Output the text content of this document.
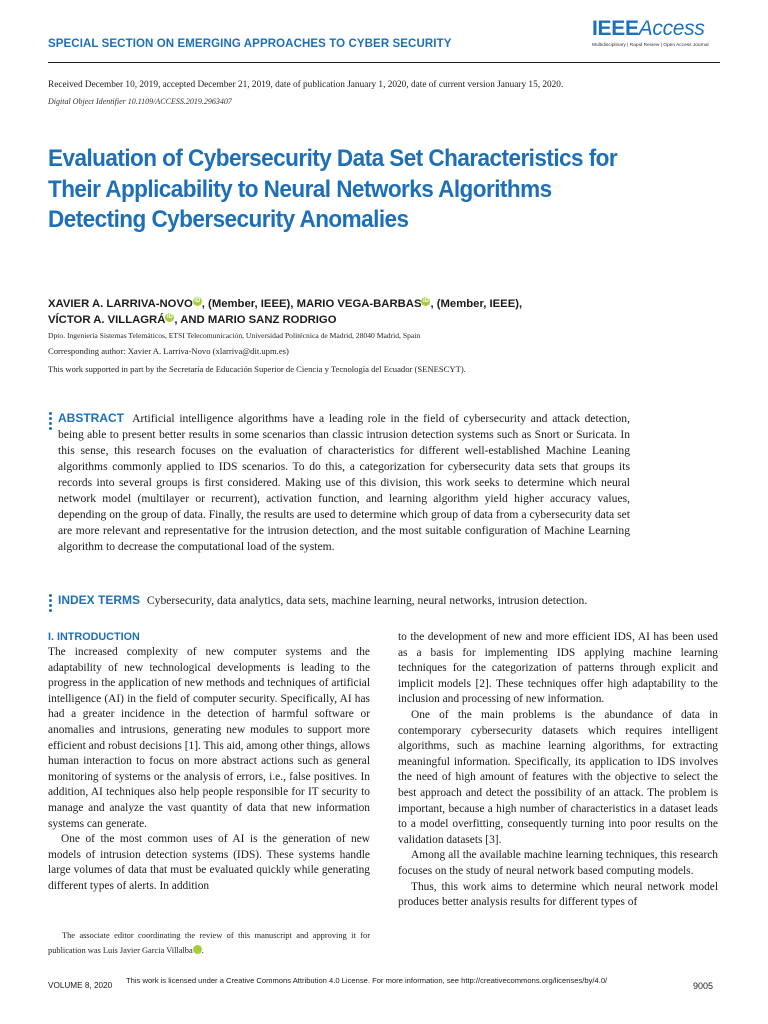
SPECIAL SECTION ON EMERGING APPROACHES TO CYBER SECURITY
IEEEAccess
Multidisciplinary | Rapid Review | Open Access Journal
Received December 10, 2019, accepted December 21, 2019, date of publication January 1, 2020, date of current version January 15, 2020.
Digital Object Identifier 10.1109/ACCESS.2019.2963407
Evaluation of Cybersecurity Data Set Characteristics for Their Applicability to Neural Networks Algorithms Detecting Cybersecurity Anomalies
XAVIER A. LARRIVA-NOVO iD , (Member, IEEE), MARIO VEGA-BARBAS iD , (Member, IEEE),
VÍCTOR A. VILLAGRÁ iD , AND MARIO SANZ RODRIGO
Dpto. Ingeniería Sistemas Telemáticos, ETSI Telecomunicación, Universidad Politécnica de Madrid, 28040 Madrid, Spain
Corresponding author: Xavier A. Larriva-Novo (xlarriva@dit.upm.es)
This work supported in part by the Secretaría de Educación Superior de Ciencia y Tecnología del Ecuador (SENESCYT).
ABSTRACT Artificial intelligence algorithms have a leading role in the field of cybersecurity and attack detection, being able to present better results in some scenarios than classic intrusion detection systems such as Snort or Suricata. In this sense, this research focuses on the evaluation of characteristics for different well-established Machine Leaning algorithms commonly applied to IDS scenarios. To do this, a categorization for cybersecurity data sets that groups its records into several groups is first considered. Making use of this division, this work seeks to determine which neural network model (multilayer or recurrent), activation function, and learning algorithm yield higher accuracy values, depending on the group of data. Finally, the results are used to determine which group of data from a cybersecurity data set are more relevant and representative for the intrusion detection, and the most suitable configuration of Machine Learning algorithm to decrease the computational load of the system.
INDEX TERMS Cybersecurity, data analytics, data sets, machine learning, neural networks, intrusion detection.
I. INTRODUCTION

The increased complexity of new computer systems and the adaptability of new technological developments is leading to the progress in the application of new methods and techniques of artificial intelligence (AI) in the field of computer security. Specifically, AI has had a greater incidence in the detection of harmful software or anomalies and intrusions, generating new modules to support more efficient and robust decisions [1]. This aid, among other things, allows human interaction to focus on more abstract actions such as general monitoring of systems or the analysis of errors, i.e., false positives. In addition, AI techniques also help people responsible for IT security to manage and analyze the vast quantity of data that new information systems can generate.

One of the most common uses of AI is the generation of new models of intrusion detection systems (IDS). These systems handle large volumes of data that must be evaluated quickly while generating different types of alerts. In addition

to the development of new and more efficient IDS, AI has been used as a basis for implementing IDS applying machine learning techniques for the categorization of patterns through explicit and implicit models [2]. These techniques offer high adaptability to the inclusion and processing of new information.

One of the main problems is the abundance of data in contemporary cybersecurity datasets which requires intelligent algorithms, such as machine learning algorithms, for extracting meaningful information. Specifically, its application to IDS involves the need of high amount of features with the objective to select the best approach and detect the possibility of an attack. The problem is important, because a high number of characteristics in a dataset leads to a model overfitting, consequently turning into poor results on the validation datasets [3].

Among all the available machine learning techniques, this research focuses on the study of neural network based computing models.

Thus, this work aims to determine which neural network model produces better analysis results for different types of

The associate editor coordinating the review of this manuscript and approving it for publication was Luis Javier Garcia Villalba iD.
VOLUME 8, 2020
This work is licensed under a Creative Commons Attribution 4.0 License. For more information, see http://creativecommons.org/licenses/by/4.0/
9005
